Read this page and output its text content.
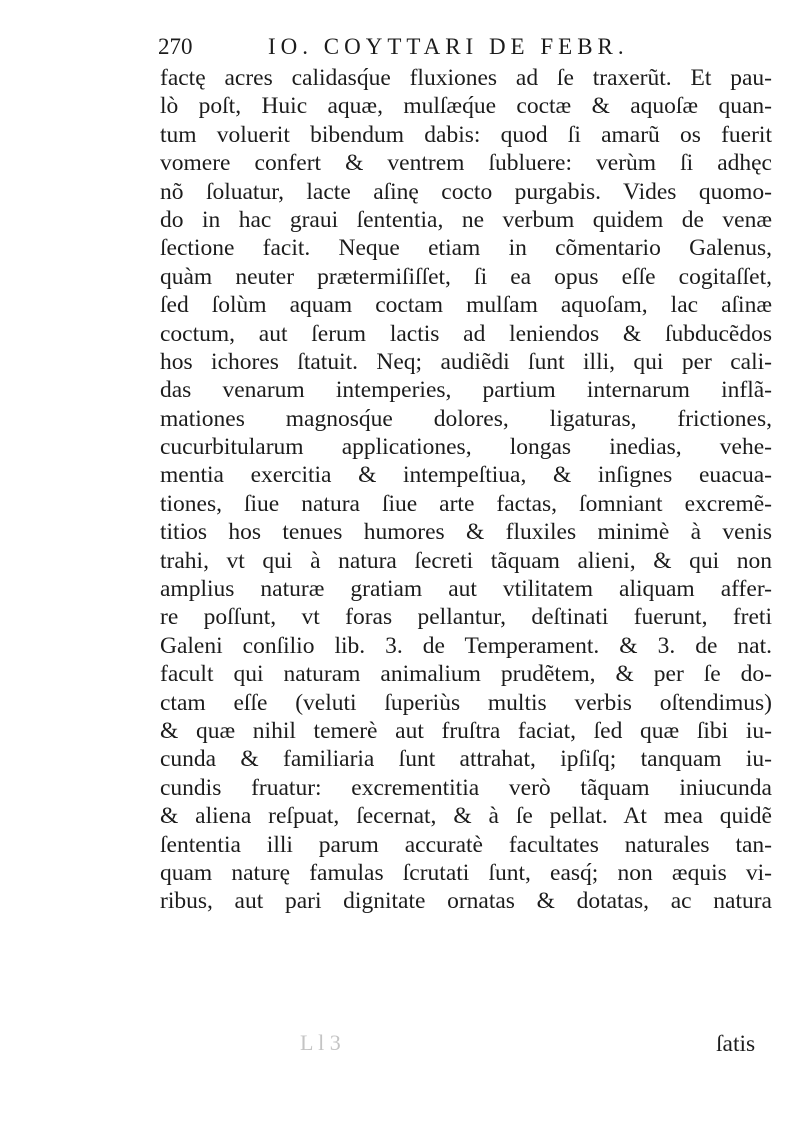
270	IO. COYTTARI DE FEBR.
factę acres calidasq́ue fluxiones ad ſe traxerũt. Et pau-
lò poſt, Huic aquæ, mulſæq́ue coctæ & aquoſæ quan-
tum voluerit bibendum dabis: quod ſi amarũ os fuerit
vomere confert & ventrem ſubluere: verùm ſi adhęc
nõ ſoluatur, lacte aſinę cocto purgabis. Vides quomo-
do in hac graui ſententia, ne verbum quidem de venæ
ſectione facit. Neque etiam in cõmentario Galenus,
quàm neuter prætermiſiſſet, ſi ea opus eſſe cogitaſſet,
ſed ſolùm aquam coctam mulſam aquoſam, lac aſinæ
coctum, aut ſerum lactis ad leniendos & ſubducẽdos
hos ichores ſtatuit. Neq; audiẽdi ſunt illi, qui per cali-
das venarum intemperies, partium internarum inflã-
mationes magnosq́ue dolores, ligaturas, frictiones,
cucurbitularum applicationes, longas inedias, vehe-
mentia exercitia & intempeſtiua, & inſignes euacua-
tiones, ſiue natura ſiue arte factas, ſomniant excremẽ-
titios hos tenues humores & fluxiles minimè à venis
trahi, vt qui à natura ſecreti tãquam alieni, & qui non
amplius naturæ gratiam aut vtilitatem aliquam affer-
re poſſunt, vt foras pellantur, deſtinati fuerunt, freti
Galeni conſilio lib. 3. de Temperament. & 3. de nat.
facult qui naturam animalium prudẽtem, & per ſe do-
ctam eſſe (veluti ſuperiùs multis verbis oſtendimus)
& quæ nihil temerè aut fruſtra faciat, ſed quæ ſibi iu-
cunda & familiaria ſunt attrahat, ipſiſq; tanquam iu-
cundis fruatur: excrementitia verò tãquam iniucunda
& aliena reſpuat, ſecernat, & à ſe pellat. At mea quidẽ
ſententia illi parum accuratè facultates naturales tan-
quam naturę famulas ſcrutati ſunt, easq́; non æquis vi-
ribus, aut pari dignitate ornatas & dotatas, ac natura
L l 3	ſatis
